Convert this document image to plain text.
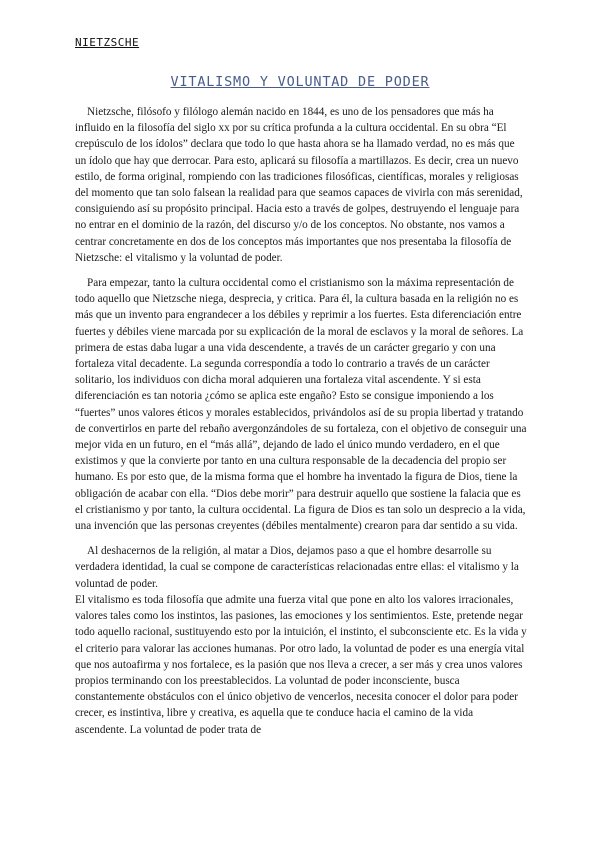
NIETZSCHE
VITALISMO Y VOLUNTAD DE PODER

Nietzsche, filósofo y filólogo alemán nacido en 1844, es uno de los pensadores que más ha influido en la filosofía del siglo xx por su crítica profunda a la cultura occidental. En su obra “El crepúsculo de los ídolos” declara que todo lo que hasta ahora se ha llamado verdad, no es más que un ídolo que hay que derrocar. Para esto, aplicará su filosofía a martillazos. Es decir, crea un nuevo estilo, de forma original, rompiendo con las tradiciones filosóficas, científicas, morales y religiosas del momento que tan solo falsean la realidad para que seamos capaces de vivirla con más serenidad, consiguiendo así su propósito principal. Hacia esto a través de golpes, destruyendo el lenguaje para no entrar en el dominio de la razón, del discurso y/o de los conceptos. No obstante, nos vamos a centrar concretamente en dos de los conceptos más importantes que nos presentaba la filosofía de Nietzsche: el vitalismo y la voluntad de poder.

Para empezar, tanto la cultura occidental como el cristianismo son la máxima representación de todo aquello que Nietzsche niega, desprecia, y critica. Para él, la cultura basada en la religión no es más que un invento para engrandecer a los débiles y reprimir a los fuertes. Esta diferenciación entre fuertes y débiles viene marcada por su explicación de la moral de esclavos y la moral de señores. La primera de estas daba lugar a una vida descendente, a través de un carácter gregario y con una fortaleza vital decadente. La segunda correspondía a todo lo contrario a través de un carácter solitario, los individuos con dicha moral adquieren una fortaleza vital ascendente. Y si esta diferenciación es tan notoria ¿cómo se aplica este engaño? Esto se consigue imponiendo a los “fuertes” unos valores éticos y morales establecidos, privándolos así de su propia libertad y tratando de convertirlos en parte del rebaño avergonzándoles de su fortaleza, con el objetivo de conseguir una mejor vida en un futuro, en el “más allá”, dejando de lado el único mundo verdadero, en el que existimos y que la convierte por tanto en una cultura responsable de la decadencia del propio ser humano. Es por esto que, de la misma forma que el hombre ha inventado la figura de Dios, tiene la obligación de acabar con ella. “Dios debe morir” para destruir aquello que sostiene la falacia que es el cristianismo y por tanto, la cultura occidental. La figura de Dios es tan solo un desprecio a la vida, una invención que las personas creyentes (débiles mentalmente) crearon para dar sentido a su vida.

Al deshacernos de la religión, al matar a Dios, dejamos paso a que el hombre desarrolle su verdadera identidad, la cual se compone de características relacionadas entre ellas: el vitalismo y la voluntad de poder.

El vitalismo es toda filosofía que admite una fuerza vital que pone en alto los valores irracionales, valores tales como los instintos, las pasiones, las emociones y los sentimientos. Este, pretende negar todo aquello racional, sustituyendo esto por la intuición, el instinto, el subconsciente etc. Es la vida y el criterio para valorar las acciones humanas. Por otro lado, la voluntad de poder es una energía vital que nos autoafirma y nos fortalece, es la pasión que nos lleva a crecer, a ser más y crea unos valores propios terminando con los preestablecidos. La voluntad de poder inconsciente, busca constantemente obstáculos con el único objetivo de vencerlos, necesita conocer el dolor para poder crecer, es instintiva, libre y creativa, es aquella que te conduce hacia el camino de la vida ascendente. La voluntad de poder trata de
